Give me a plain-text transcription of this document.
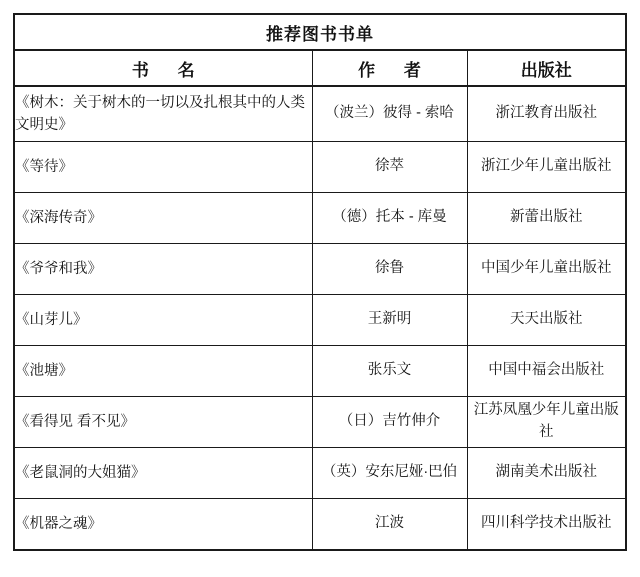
推荐图书书单		
书 名	作 者	出版社
《树木：关于树木的一切以及扎根其中的人类文明史》	（波兰）彼得 - 索哈	浙江教育出版社
《等待》	徐萃	浙江少年儿童出版社
《深海传奇》	（德）托本 - 库曼	新蕾出版社
《爷爷和我》	徐鲁	中国少年儿童出版社
《山芽儿》	王新明	天天出版社
《池塘》	张乐文	中国中福会出版社
《看得见 看不见》	（日）吉竹伸介	江苏凤凰少年儿童出版社
《老鼠洞的大姐猫》	（英）安东尼娅·巴伯	湖南美术出版社
《机器之魂》	江波	四川科学技术出版社
